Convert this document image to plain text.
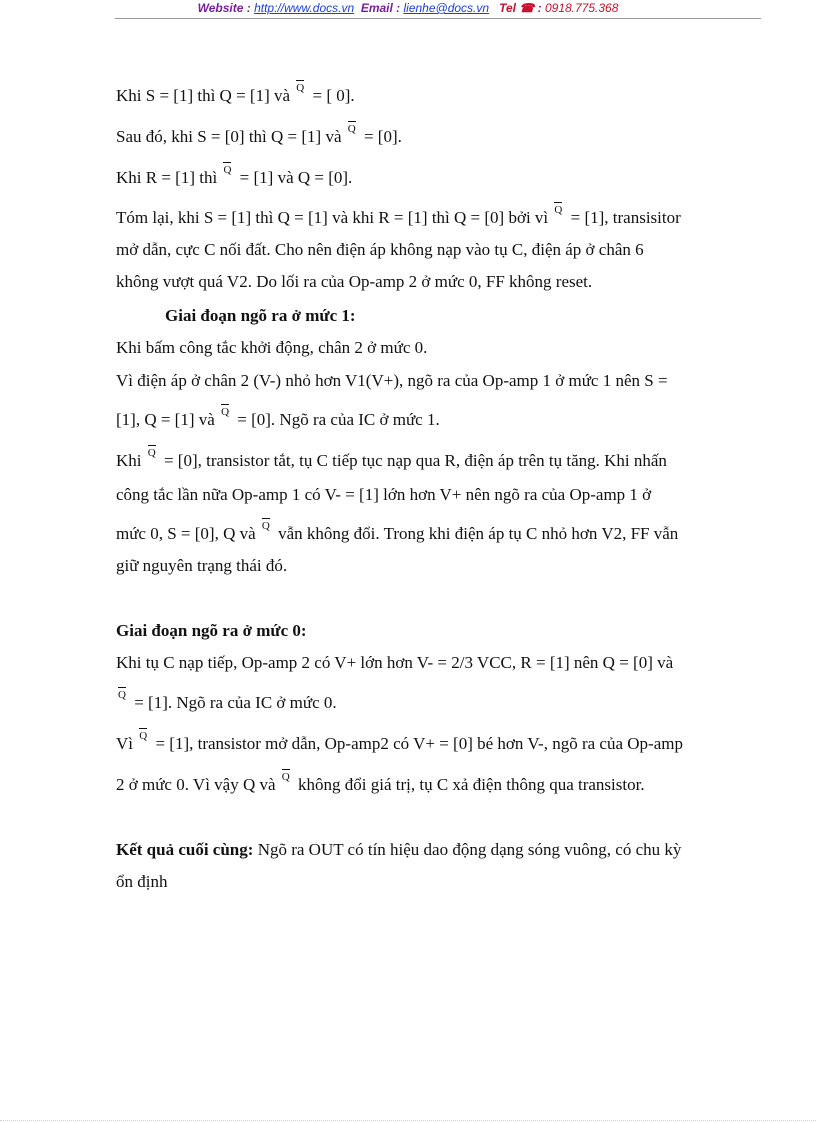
Website : http://www.docs.vn Email : lienhe@docs.vn Tel ☎ : 0918.775.368
Khi S = [1] thì Q = [1] và Q = [ 0].
Sau đó, khi S = [0] thì Q = [1] và Q = [0].
Khi R = [1] thì Q = [1] và Q = [0].
Tóm lại, khi S = [1] thì Q = [1] và khi R = [1] thì Q = [0] bởi vì Q = [1], transisitor
mở dẫn, cực C nối đất. Cho nên điện áp không nạp vào tụ C, điện áp ở chân 6
không vượt quá V2. Do lối ra của Op-amp 2 ở mức 0, FF không reset.
Giai đoạn ngõ ra ở mức 1:
Khi bấm công tắc khởi động, chân 2 ở mức 0.
Vì điện áp ở chân 2 (V-) nhỏ hơn V1(V+), ngõ ra của Op-amp 1 ở mức 1 nên S =
[1], Q = [1] và Q = [0]. Ngõ ra của IC ở mức 1.
Khi Q = [0], transistor tắt, tụ C tiếp tục nạp qua R, điện áp trên tụ tăng. Khi nhấn
công tắc lần nữa Op-amp 1 có V- = [1] lớn hơn V+ nên ngõ ra của Op-amp 1 ở
mức 0, S = [0], Q và Q vẫn không đổi. Trong khi điện áp tụ C nhỏ hơn V2, FF vẫn
giữ nguyên trạng thái đó.
Giai đoạn ngõ ra ở mức 0:
Khi tụ C nạp tiếp, Op-amp 2 có V+ lớn hơn V- = 2/3 VCC, R = [1] nên Q = [0] và
Q = [1]. Ngõ ra của IC ở mức 0.
Vì Q = [1], transistor mở dẫn, Op-amp2 có V+ = [0] bé hơn V-, ngõ ra của Op-amp
2 ở mức 0. Vì vậy Q và Q không đổi giá trị, tụ C xả điện thông qua transistor.
Kết quả cuối cùng: Ngõ ra OUT có tín hiệu dao động dạng sóng vuông, có chu kỳ
ổn định
